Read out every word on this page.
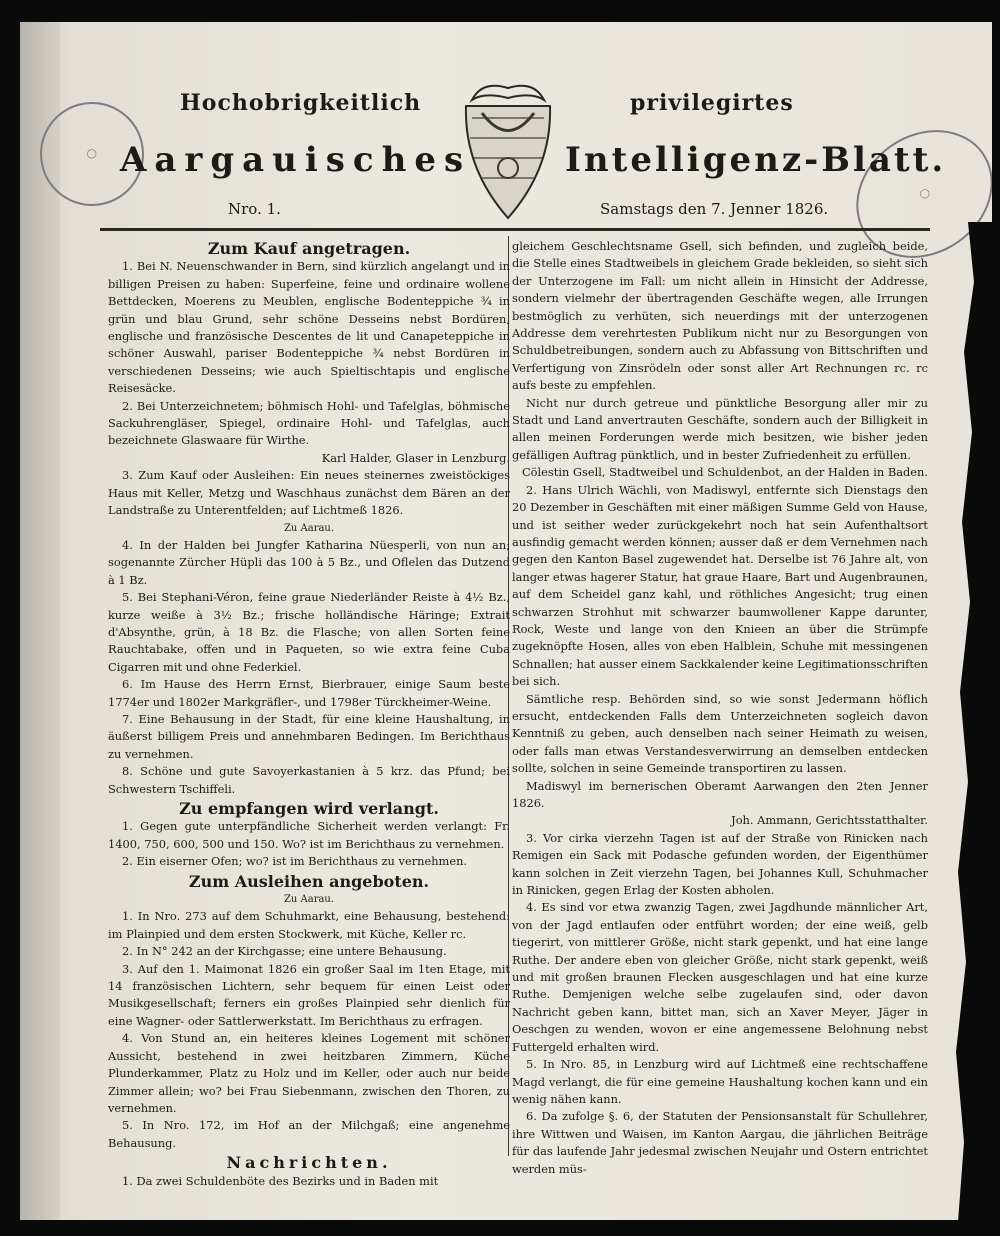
◯
◯
Hochobrigkeitlich	privilegirtes
Aargauisches	Intelligenz-Blatt.
Nro. 1.	Samstags den 7. Jenner 1826.
Zum Kauf angetragen.

1. Bei N. Neuenschwander in Bern, sind kürzlich angelangt und in billigen Preisen zu haben: Superfeine, feine und ordinaire wollene Bettdecken, Moerens zu Meublen, englische Bodenteppiche ¾ in grün und blau Grund, sehr schöne Desseins nebst Bordüren, englische und französische Descentes de lit und Canapeteppiche in schöner Auswahl, pariser Bodenteppiche ¾ nebst Bordüren in verschiedenen Desseins; wie auch Spieltischtapis und englische Reisesäcke.

2. Bei Unterzeichnetem; böhmisch Hohl- und Tafelglas, böhmische Sackuhrengläser, Spiegel, ordinaire Hohl- und Tafelglas, auch bezeichnete Glaswaare für Wirthe.

Karl Halder, Glaser in Lenzburg.

3. Zum Kauf oder Ausleihen: Ein neues steinernes zweistöckiges Haus mit Keller, Metzg und Waschhaus zunächst dem Bären an der Landstraße zu Unterentfelden; auf Lichtmeß 1826.

Zu Aarau.

4. In der Halden bei Jungfer Katharina Nüesperli, von nun an; sogenannte Zürcher Hüpli das 100 à 5 Bz., und Oflelen das Dutzend à 1 Bz.

5. Bei Stephani-Véron, feine graue Niederländer Reiste à 4½ Bz., kurze weiße à 3½ Bz.; frische holländische Häringe; Extrait d'Absynthe, grün, à 18 Bz. die Flasche; von allen Sorten feine Rauchtabake, offen und in Paqueten, so wie extra feine Cuba Cigarren mit und ohne Federkiel.

6. Im Hause des Herrn Ernst, Bierbrauer, einige Saum beste 1774er und 1802er Markgräfler-, und 1798er Türckheimer-Weine.

7. Eine Behausung in der Stadt, für eine kleine Haushaltung, in äußerst billigem Preis und annehmbaren Bedingen. Im Berichthaus zu vernehmen.

8. Schöne und gute Savoyerkastanien à 5 krz. das Pfund; bei Schwestern Tschiffeli.

Zu empfangen wird verlangt.

1. Gegen gute unterpfändliche Sicherheit werden verlangt: Fr. 1400, 750, 600, 500 und 150. Wo? ist im Berichthaus zu vernehmen.

2. Ein eiserner Ofen; wo? ist im Berichthaus zu vernehmen.

Zum Ausleihen angeboten.

Zu Aarau.

1. In Nro. 273 auf dem Schuhmarkt, eine Behausung, bestehend: im Plainpied und dem ersten Stockwerk, mit Küche, Keller rc.

2. In N° 242 an der Kirchgasse; eine untere Behausung.

3. Auf den 1. Maimonat 1826 ein großer Saal im 1ten Etage, mit 14 französischen Lichtern, sehr bequem für einen Leist oder Musikgesellschaft; ferners ein großes Plainpied sehr dienlich für eine Wagner- oder Sattlerwerkstatt. Im Berichthaus zu erfragen.

4. Von Stund an, ein heiteres kleines Logement mit schöner Aussicht, bestehend in zwei heitzbaren Zimmern, Küche Plunderkammer, Platz zu Holz und im Keller, oder auch nur beide Zimmer allein; wo? bei Frau Siebenmann, zwischen den Thoren, zu vernehmen.

5. In Nro. 172, im Hof an der Milchgaß; eine angenehme Behausung.

Nachrichten.

1. Da zwei Schuldenböte des Bezirks und in Baden mit

gleichem Geschlechtsname Gsell, sich befinden, und zugleich beide, die Stelle eines Stadtweibels in gleichem Grade bekleiden, so sieht sich der Unterzogene im Fall: um nicht allein in Hinsicht der Addresse, sondern vielmehr der übertragenden Geschäfte wegen, alle Irrungen bestmöglich zu verhüten, sich neuerdings mit der unterzogenen Addresse dem verehrtesten Publikum nicht nur zu Besorgungen von Schuldbetreibungen, sondern auch zu Abfassung von Bittschriften und Verfertigung von Zinsrödeln oder sonst aller Art Rechnungen rc. rc aufs beste zu empfehlen.

Nicht nur durch getreue und pünktliche Besorgung aller mir zu Stadt und Land anvertrauten Geschäfte, sondern auch der Billigkeit in allen meinen Forderungen werde mich besitzen, wie bisher jeden gefälligen Auftrag pünktlich, und in bester Zufriedenheit zu erfüllen.

Cölestin Gsell, Stadtweibel und Schuldenbot, an der Halden in Baden.

2. Hans Ulrich Wächli, von Madiswyl, entfernte sich Dienstags den 20 Dezember in Geschäften mit einer mäßigen Summe Geld von Hause, und ist seither weder zurückgekehrt noch hat sein Aufenthaltsort ausfindig gemacht werden können; ausser daß er dem Vernehmen nach gegen den Kanton Basel zugewendet hat. Derselbe ist 76 Jahre alt, von langer etwas hagerer Statur, hat graue Haare, Bart und Augenbraunen, auf dem Scheidel ganz kahl, und röthliches Angesicht; trug einen schwarzen Strohhut mit schwarzer baumwollener Kappe darunter, Rock, Weste und lange von den Knieen an über die Strümpfe zugeknöpfte Hosen, alles von eben Halblein, Schuhe mit messingenen Schnallen; hat ausser einem Sackkalender keine Legitimationsschriften bei sich.

Sämtliche resp. Behörden sind, so wie sonst Jedermann höflich ersucht, entdeckenden Falls dem Unterzeichneten sogleich davon Kenntniß zu geben, auch denselben nach seiner Heimath zu weisen, oder falls man etwas Verstandesverwirrung an demselben entdecken sollte, solchen in seine Gemeinde transportiren zu lassen.

Madiswyl im bernerischen Oberamt Aarwangen den 2ten Jenner 1826.

Joh. Ammann, Gerichtsstatthalter.

3. Vor cirka vierzehn Tagen ist auf der Straße von Rinicken nach Remigen ein Sack mit Podasche gefunden worden, der Eigenthümer kann solchen in Zeit vierzehn Tagen, bei Johannes Kull, Schuhmacher in Rinicken, gegen Erlag der Kosten abholen.

4. Es sind vor etwa zwanzig Tagen, zwei Jagdhunde männlicher Art, von der Jagd entlaufen oder entführt worden; der eine weiß, gelb tiegerirt, von mittlerer Größe, nicht stark gepenkt, und hat eine lange Ruthe. Der andere eben von gleicher Größe, nicht stark gepenkt, weiß und mit großen braunen Flecken ausgeschlagen und hat eine kurze Ruthe. Demjenigen welche selbe zugelaufen sind, oder davon Nachricht geben kann, bittet man, sich an Xaver Meyer, Jäger in Oeschgen zu wenden, wovon er eine angemessene Belohnung nebst Futtergeld erhalten wird.

5. In Nro. 85, in Lenzburg wird auf Lichtmeß eine rechtschaffene Magd verlangt, die für eine gemeine Haushaltung kochen kann und ein wenig nähen kann.

6. Da zufolge §. 6, der Statuten der Pensionsanstalt für Schullehrer, ihre Wittwen und Waisen, im Kanton Aargau, die jährlichen Beiträge für das laufende Jahr jedesmal zwischen Neujahr und Ostern entrichtet werden müs-
